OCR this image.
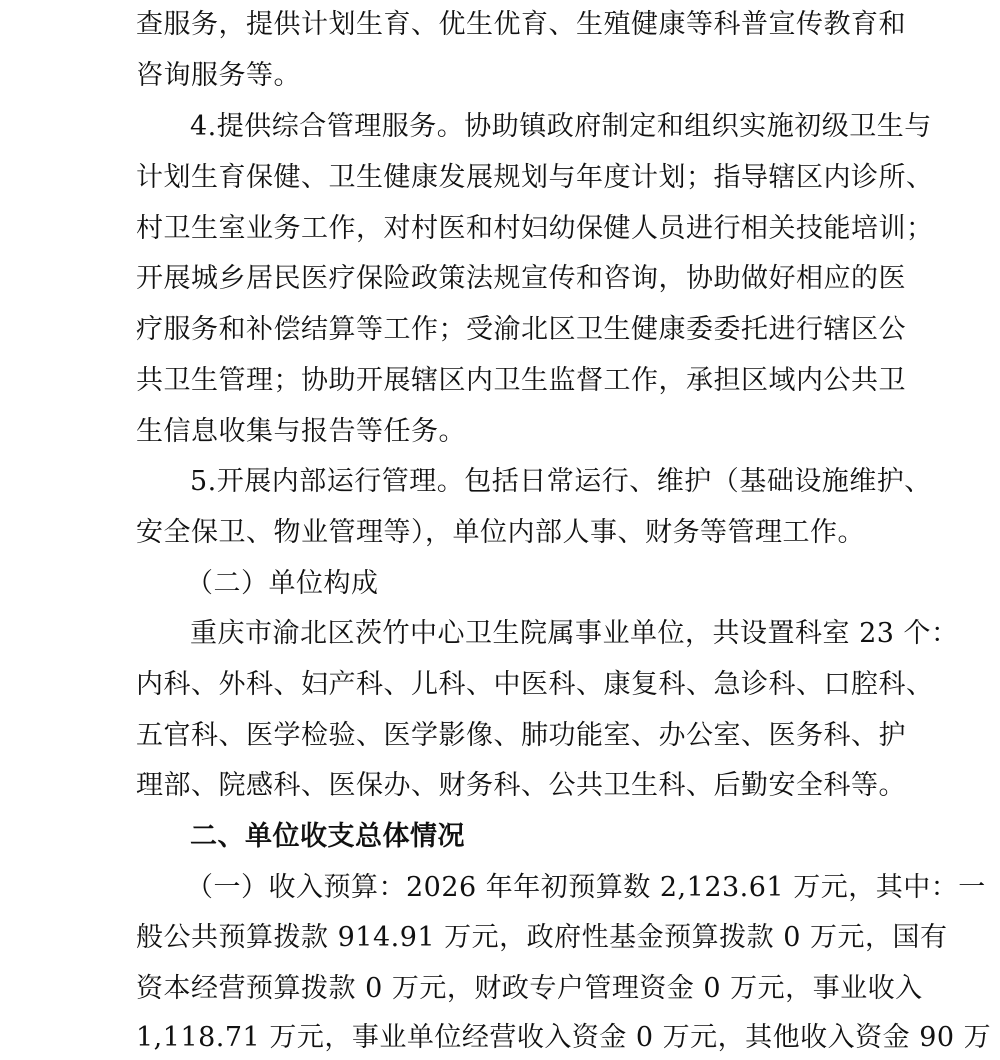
查服务，提供计划生育、优生优育、生殖健康等科普宣传教育和
咨询服务等。
4.提供综合管理服务。协助镇政府制定和组织实施初级卫生与
计划生育保健、卫生健康发展规划与年度计划；指导辖区内诊所、
村卫生室业务工作，对村医和村妇幼保健人员进行相关技能培训；
开展城乡居民医疗保险政策法规宣传和咨询，协助做好相应的医
疗服务和补偿结算等工作；受渝北区卫生健康委委托进行辖区公
共卫生管理；协助开展辖区内卫生监督工作，承担区域内公共卫
生信息收集与报告等任务。
5.开展内部运行管理。包括日常运行、维护（基础设施维护、
安全保卫、物业管理等），单位内部人事、财务等管理工作。
（二）单位构成
重庆市渝北区茨竹中心卫生院属事业单位，共设置科室 23 个：
内科、外科、妇产科、儿科、中医科、康复科、急诊科、口腔科、
五官科、医学检验、医学影像、肺功能室、办公室、医务科、护
理部、院感科、医保办、财务科、公共卫生科、后勤安全科等。
二、单位收支总体情况
（一）收入预算：2026 年年初预算数 2,123.61 万元，其中：一
般公共预算拨款 914.91 万元，政府性基金预算拨款 0 万元，国有
资本经营预算拨款 0 万元，财政专户管理资金 0 万元，事业收入
1,118.71 万元，事业单位经营收入资金 0 万元，其他收入资金 90 万
